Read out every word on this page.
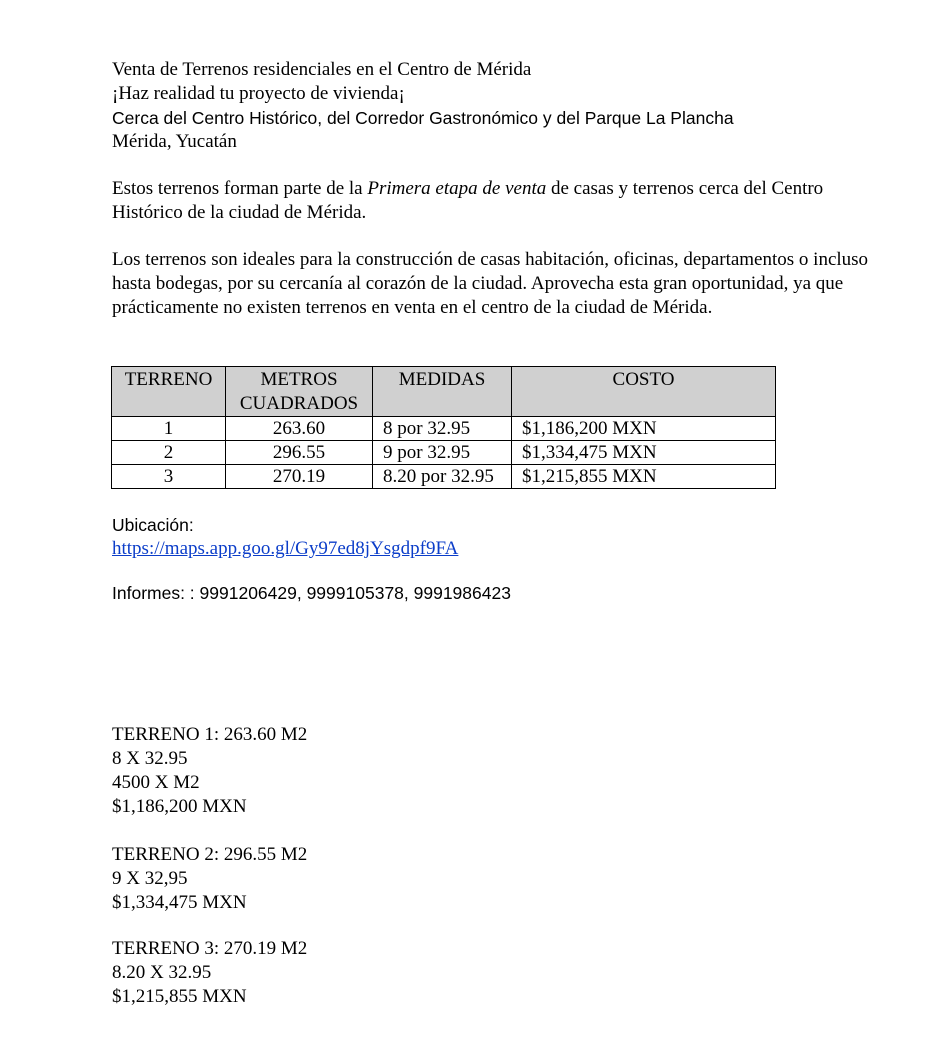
Venta de Terrenos residenciales en el Centro de Mérida
¡Haz realidad tu proyecto de vivienda¡
Cerca del Centro Histórico, del Corredor Gastronómico y del Parque La Plancha
Mérida, Yucatán

Estos terrenos forman parte de la Primera etapa de venta de casas y terrenos cerca del Centro Histórico de la ciudad de Mérida.

Los terrenos son ideales para la construcción de casas habitación, oficinas, departamentos o incluso hasta bodegas, por su cercanía al corazón de la ciudad. Aprovecha esta gran oportunidad, ya que prácticamente no existen terrenos en venta en el centro de la ciudad de Mérida.

TERRENO	METROS CUADRADOS	MEDIDAS	COSTO
1	263.60	8 por 32.95	$1,186,200 MXN
2	296.55	9 por 32.95	$1,334,475 MXN
3	270.19	8.20 por 32.95	$1,215,855 MXN
Ubicación:
https://maps.app.goo.gl/Gy97ed8jYsgdpf9FA
Informes: : 9991206429, 9999105378, 9991986423
TERRENO 1: 263.60 M2
8 X 32.95
4500 X M2
$1,186,200 MXN
TERRENO 2: 296.55 M2
9 X 32,95
$1,334,475 MXN
TERRENO 3: 270.19 M2
8.20 X 32.95
$1,215,855 MXN
